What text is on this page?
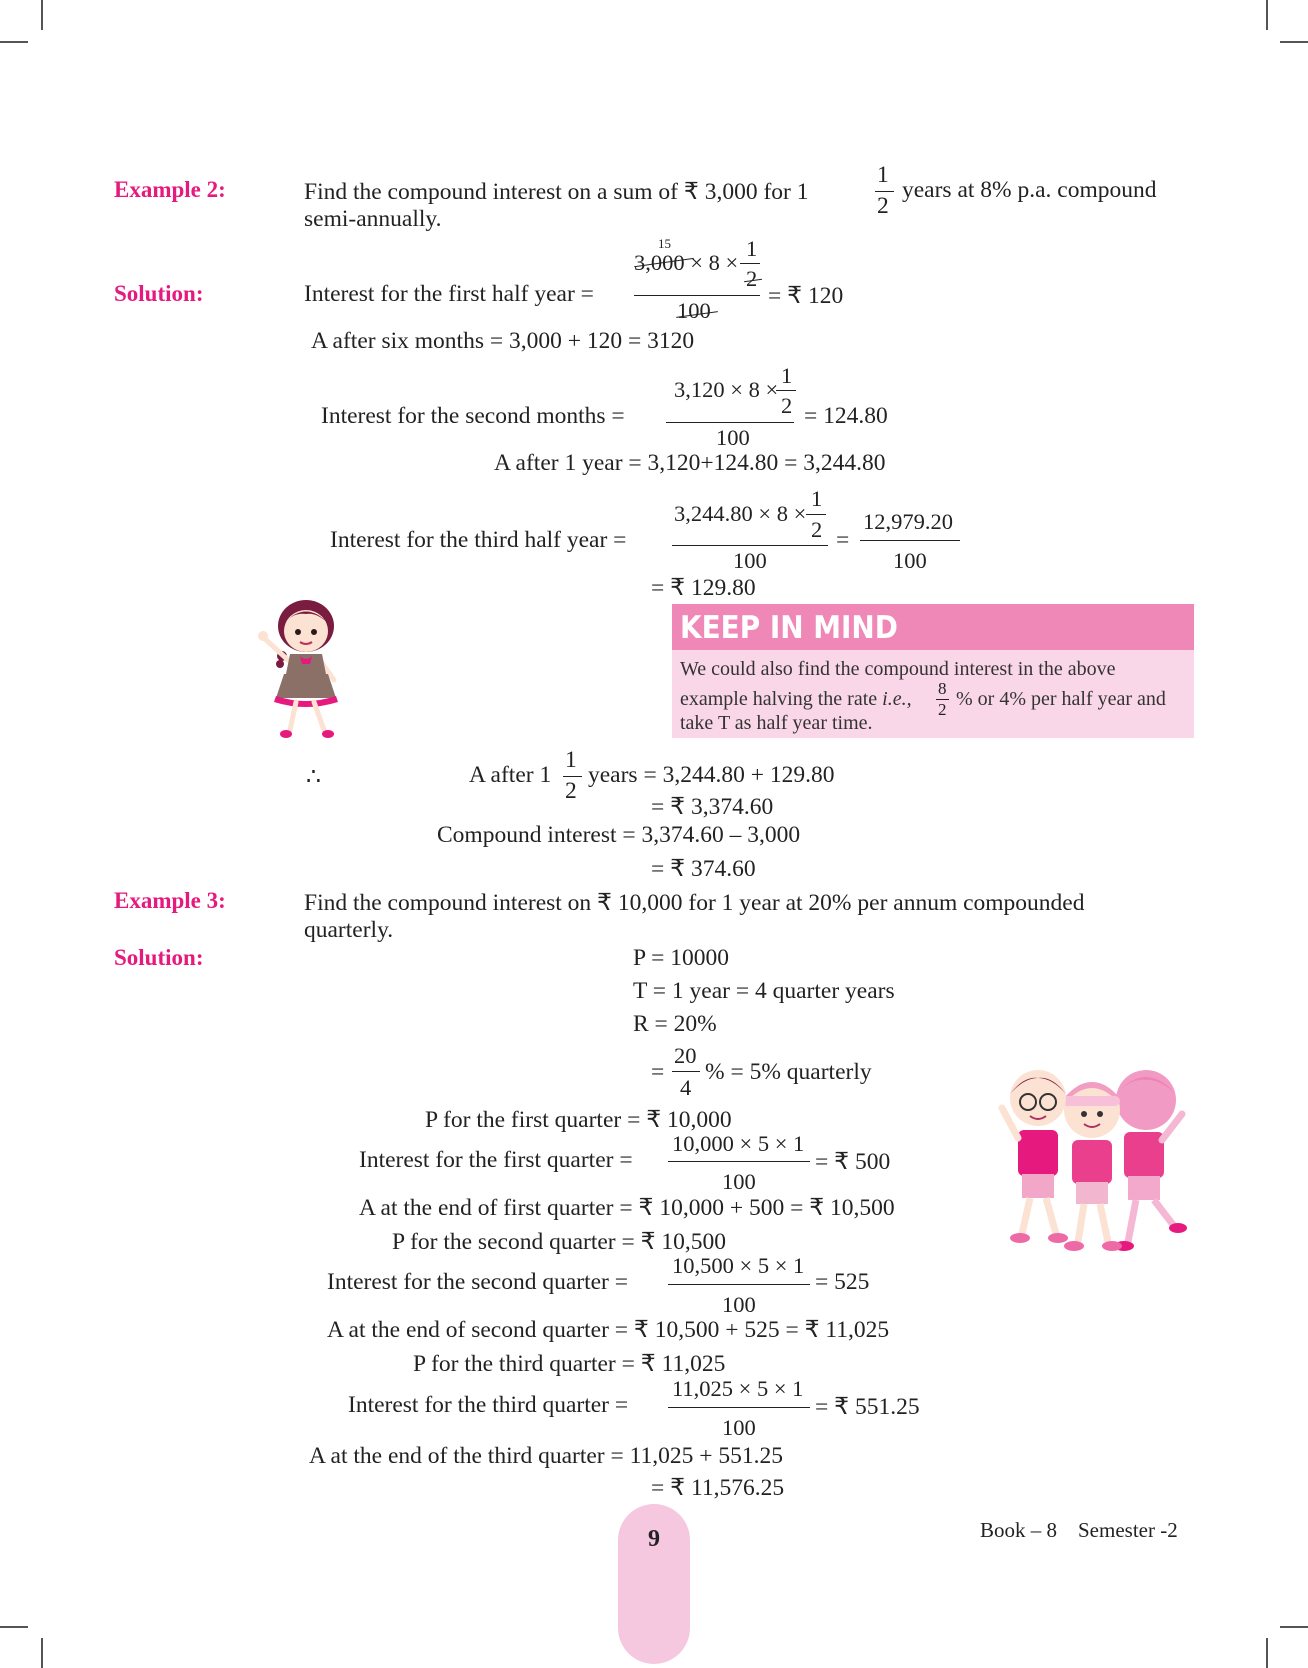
Example 2:	Find the compound interest on a sum of ₹ 3,000 for 1
1
2
years at 8% p.a. compound
semi-annually.
Solution:	Interest for the first half year =
15
3,000 × 8 ×
1
2
100
= ₹ 120
A after six months = 3,000 + 120 = 3120
Interest for the second months =
3,120 × 8 ×
1
2
100
= 124.80
A after 1 year = 3,120+124.80 = 3,244.80
Interest for the third half year =
3,244.80 × 8 ×
1
2
100
=
12,979.20
100
= ₹ 129.80
KEEP IN MIND
We could also find the compound interest in the above
example halving the rate i.e., 8
2 % or 4% per half year and
take T as half year time.
∴	A after 1
1
2
years = 3,244.80 + 129.80
= ₹ 3,374.60
Compound interest = 3,374.60 – 3,000
= ₹ 374.60
Example 3:	Find the compound interest on ₹ 10,000 for 1 year at 20% per annum compounded
quarterly.
Solution:	P = 10000
T = 1 year = 4 quarter years
R = 20%
=
20
4
% = 5% quarterly
P for the first quarter = ₹ 10,000
Interest for the first quarter =
10,000 × 5 × 1
100
= ₹ 500
A at the end of first quarter = ₹ 10,000 + 500 = ₹ 10,500
P for the second quarter = ₹ 10,500
Interest for the second quarter =
10,500 × 5 × 1
100
= 525
A at the end of second quarter = ₹ 10,500 + 525 = ₹ 11,025
P for the third quarter = ₹ 11,025
Interest for the third quarter =
11,025 × 5 × 1
100
= ₹ 551.25
A at the end of the third quarter = 11,025 + 551.25
= ₹ 11,576.25
Book – 8    Semester -2
9
